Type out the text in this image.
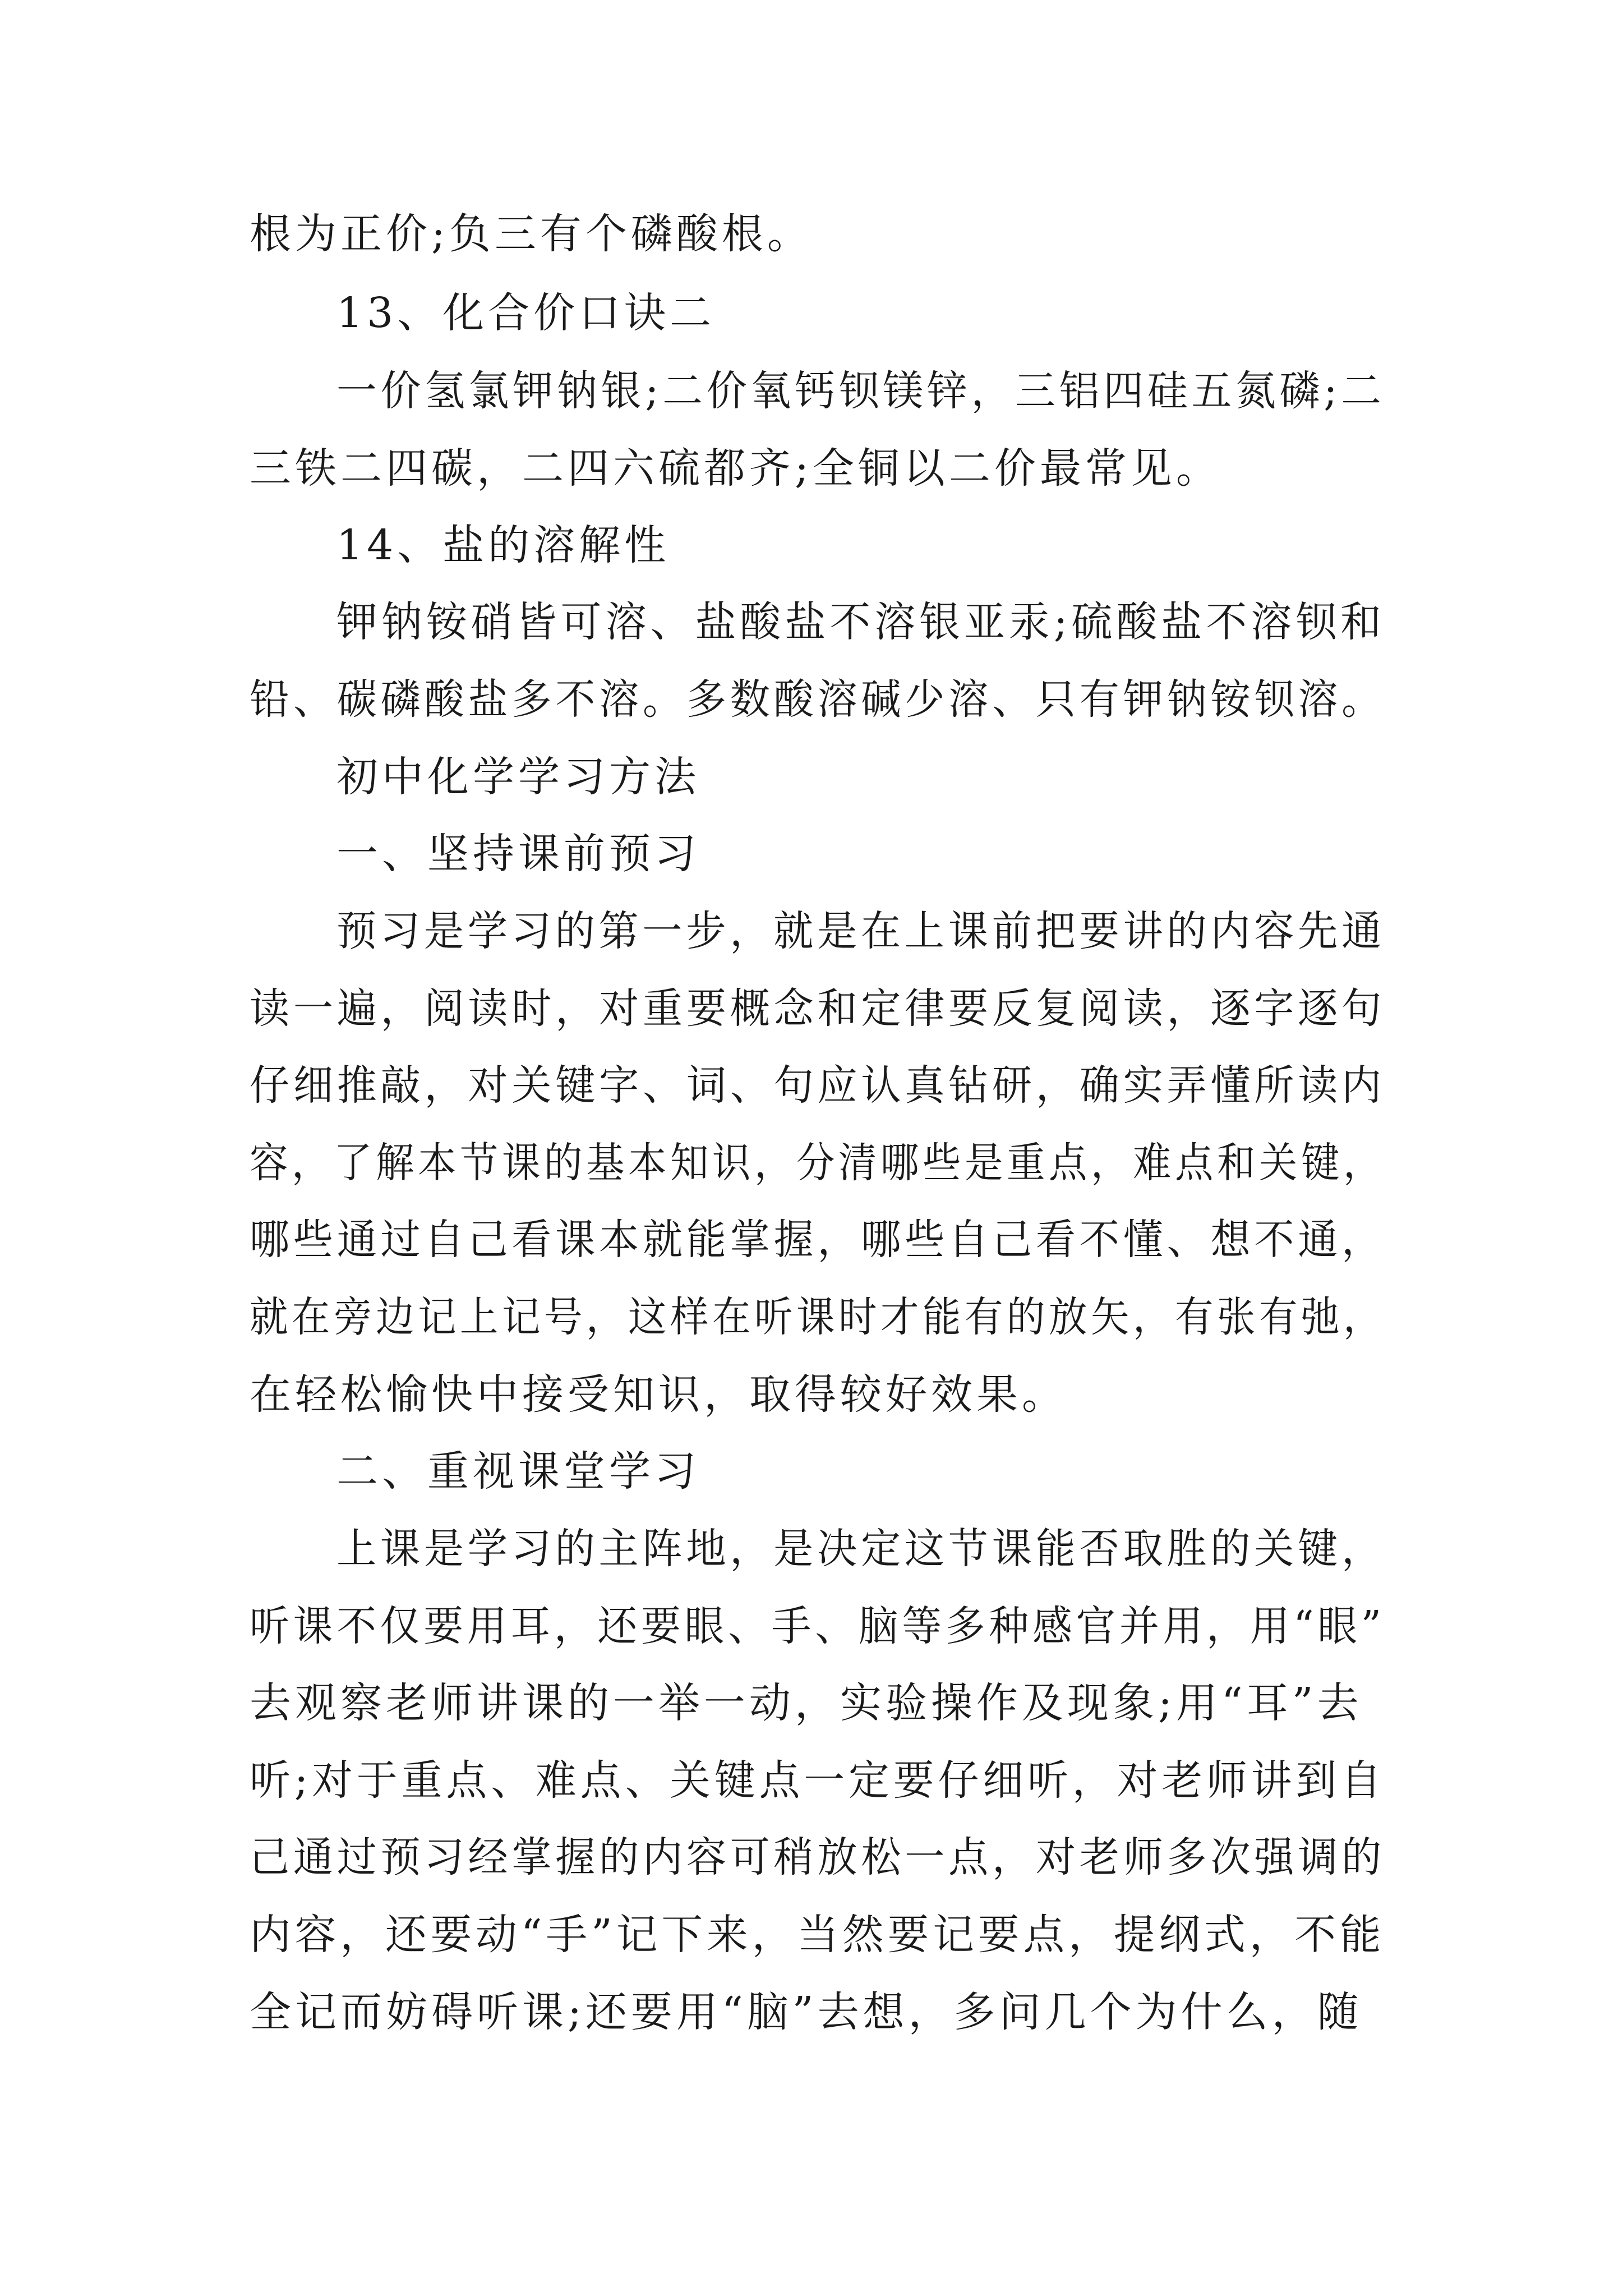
根为正价;负三有个磷酸根。
13、化合价口诀二
一价氢氯钾钠银;二价氧钙钡镁锌，三铝四硅五氮磷;二
三铁二四碳，二四六硫都齐;全铜以二价最常见。
14、盐的溶解性
钾钠铵硝皆可溶、盐酸盐不溶银亚汞;硫酸盐不溶钡和
铅、碳磷酸盐多不溶。多数酸溶碱少溶、只有钾钠铵钡溶。
初中化学学习方法
一、坚持课前预习
预习是学习的第一步，就是在上课前把要讲的内容先通
读一遍，阅读时，对重要概念和定律要反复阅读，逐字逐句
仔细推敲，对关键字、词、句应认真钻研，确实弄懂所读内
容，了解本节课的基本知识，分清哪些是重点，难点和关键，
哪些通过自己看课本就能掌握，哪些自己看不懂、想不通，
就在旁边记上记号，这样在听课时才能有的放矢，有张有弛，
在轻松愉快中接受知识，取得较好效果。
二、重视课堂学习
上课是学习的主阵地，是决定这节课能否取胜的关键，
听课不仅要用耳，还要眼、手、脑等多种感官并用，用“眼”
去观察老师讲课的一举一动，实验操作及现象;用“耳”去
听;对于重点、难点、关键点一定要仔细听，对老师讲到自
己通过预习经掌握的内容可稍放松一点，对老师多次强调的
内容，还要动“手”记下来，当然要记要点，提纲式，不能
全记而妨碍听课;还要用“脑”去想，多问几个为什么，随
